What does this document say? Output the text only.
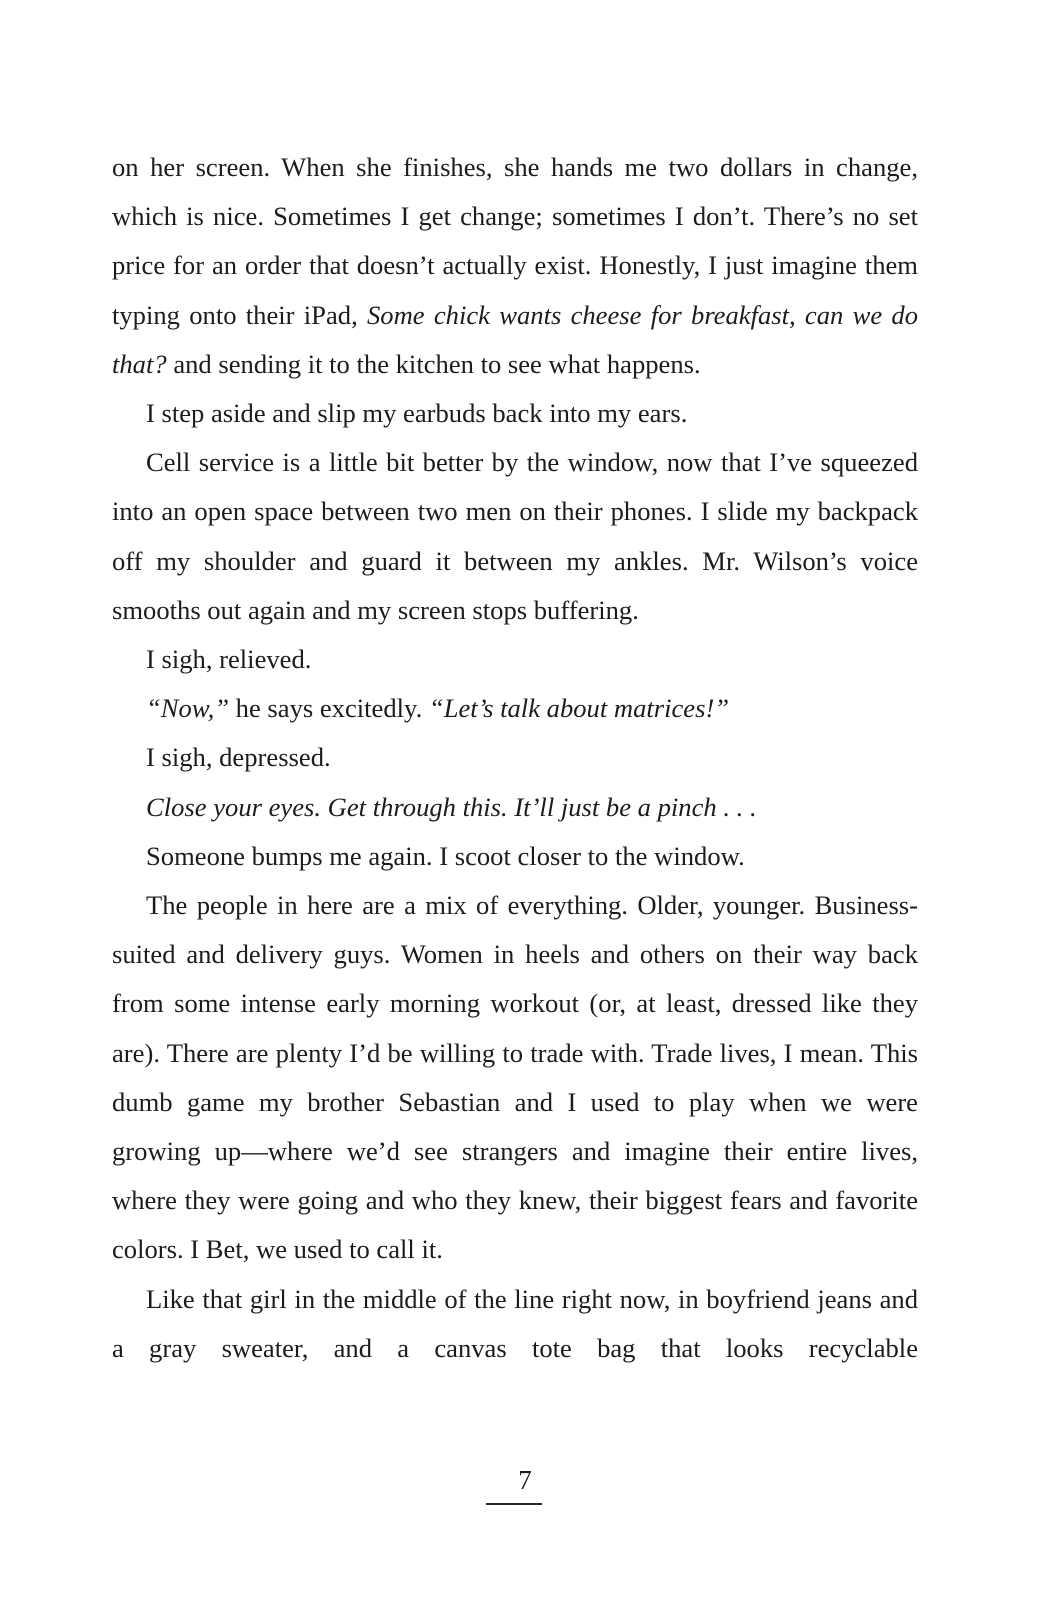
on her screen. When she finishes, she hands me two dollars in change, which is nice. Sometimes I get change; sometimes I don’t. There’s no set price for an order that doesn’t actually exist. Honestly, I just imagine them typing onto their iPad, Some chick wants cheese for breakfast, can we do that? and sending it to the kitchen to see what happens.

I step aside and slip my earbuds back into my ears.

Cell service is a little bit better by the window, now that I’ve squeezed into an open space between two men on their phones. I slide my backpack off my shoulder and guard it between my ankles. Mr. Wilson’s voice smooths out again and my screen stops buffering.

I sigh, relieved.

“Now,” he says excitedly. “Let’s talk about matrices!”

I sigh, depressed.

Close your eyes. Get through this. It’ll just be a pinch . . .

Someone bumps me again. I scoot closer to the window.

The people in here are a mix of everything. Older, younger. Business-suited and delivery guys. Women in heels and others on their way back from some intense early morning workout (or, at least, dressed like they are). There are plenty I’d be willing to trade with. Trade lives, I mean. This dumb game my brother Sebastian and I used to play when we were growing up—where we’d see strangers and imagine their entire lives, where they were going and who they knew, their biggest fears and favorite colors. I Bet, we used to call it.

Like that girl in the middle of the line right now, in boyfriend jeans and a gray sweater, and a canvas tote bag that looks recyclable

7
